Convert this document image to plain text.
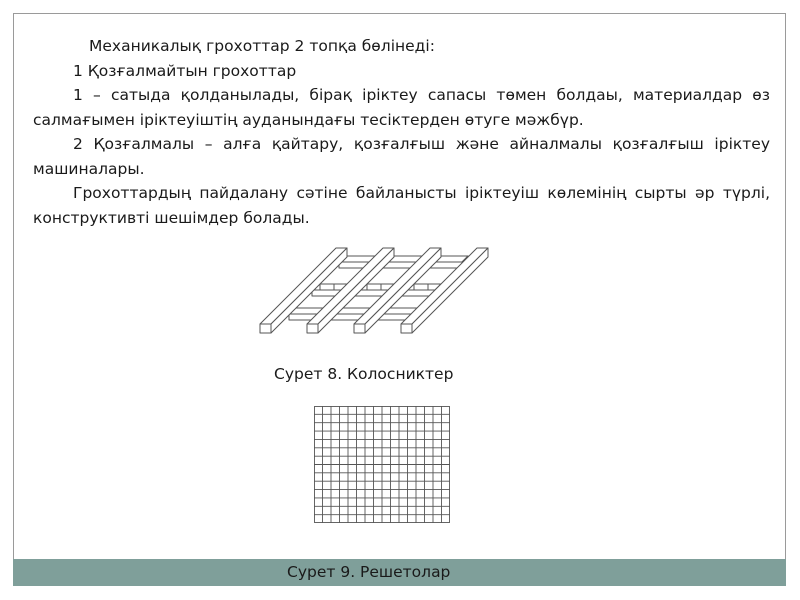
Механикалық грохоттар 2 топқа бөлінеді:

1 Қозғалмайтын грохоттар

1 – сатыда қолданылады, бірақ іріктеу сапасы төмен болдаы, материалдар өз салмағымен іріктеуіштің ауданындағы тесіктерден өтуге мәжбүр.

2 Қозғалмалы – алға қайтару, қозғалғыш және айналмалы қозғалғыш іріктеу машиналары.

Грохоттардың пайдалану сәтіне байланысты іріктеуіш көлемінің сырты әр түрлі, конструктивті шешімдер болады.

Сурет 8. Колосниктер
Сурет 9. Решетолар
